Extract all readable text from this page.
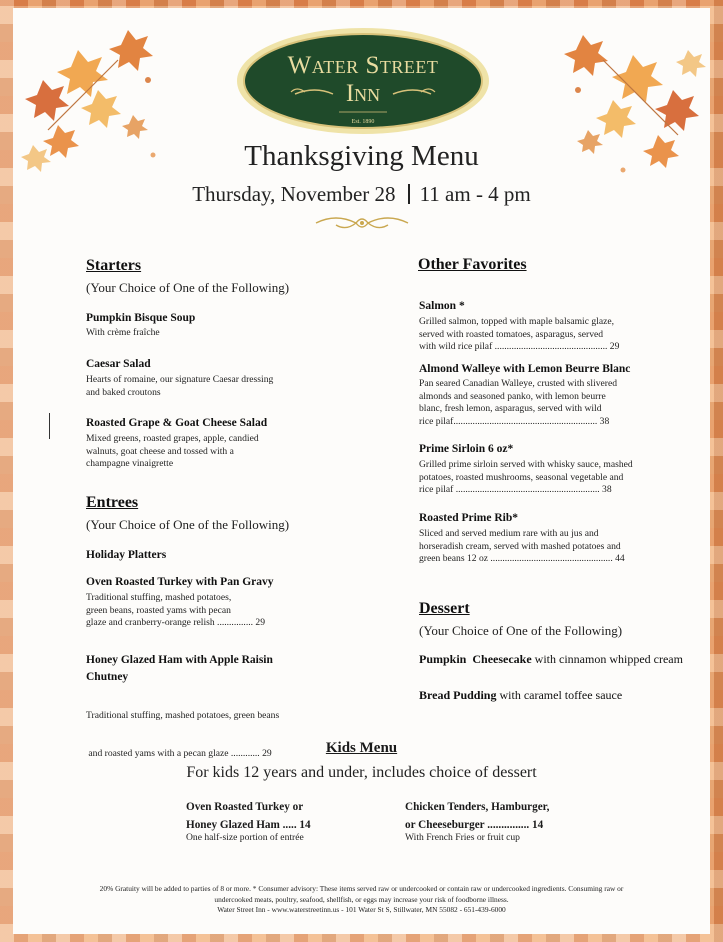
Water Street
Inn
Est. 1890
Thanksgiving Menu
Thursday, November 28 11 am - 4 pm
Starters
(Your Choice of One of the Following)
Pumpkin Bisque Soup
With crème fraîche
Caesar Salad
Hearts of romaine, our signature Caesar dressing
and baked croutons
Roasted Grape & Goat Cheese Salad
Mixed greens, roasted grapes, apple, candied
walnuts, goat cheese and tossed with a
champagne vinaigrette
Entrees
(Your Choice of One of the Following)
Holiday Platters
Oven Roasted Turkey with Pan Gravy
Traditional stuffing, mashed potatoes,
green beans, roasted yams with pecan
glaze and cranberry-orange relish ............... 29
Honey Glazed Ham with Apple Raisin
Chutney

Traditional stuffing, mashed potatoes, green beans

and roasted yams with a pecan glaze ............ 29

Other Favorites
Salmon *
Grilled salmon, topped with maple balsamic glaze,
served with roasted tomatoes, asparagus, served
with wild rice pilaf ............................................... 29
Almond Walleye with Lemon Beurre Blanc
Pan seared Canadian Walleye, crusted with slivered
almonds and seasoned panko, with lemon beurre
blanc, fresh lemon, asparagus, served with wild
rice pilaf............................................................ 38
Prime Sirloin 6 oz*
Grilled prime sirloin served with whisky sauce, mashed
potatoes, roasted mushrooms, seasonal vegetable and
rice pilaf ............................................................ 38
Roasted Prime Rib*
Sliced and served medium rare with au jus and
horseradish cream, served with mashed potatoes and
green beans 12 oz ................................................... 44
Dessert
(Your Choice of One of the Following)
Pumpkin  Cheesecake with cinnamon whipped cream
Bread Pudding with caramel toffee sauce
Kids Menu
For kids 12 years and under, includes choice of dessert
Oven Roasted Turkey or
Honey Glazed Ham ..... 14
One half-size portion of entrée
Chicken Tenders, Hamburger,
or Cheeseburger ............... 14
With French Fries or fruit cup
20% Gratuity will be added to parties of 8 or more. * Consumer advisory: These items served raw or undercooked or contain raw or undercooked ingredients. Consuming raw or
undercooked meats, poultry, seafood, shellfish, or eggs may increase your risk of foodborne illness.
Water Street Inn - www.waterstreetinn.us - 101 Water St S, Stillwater, MN 55082 - 651-439-6000
